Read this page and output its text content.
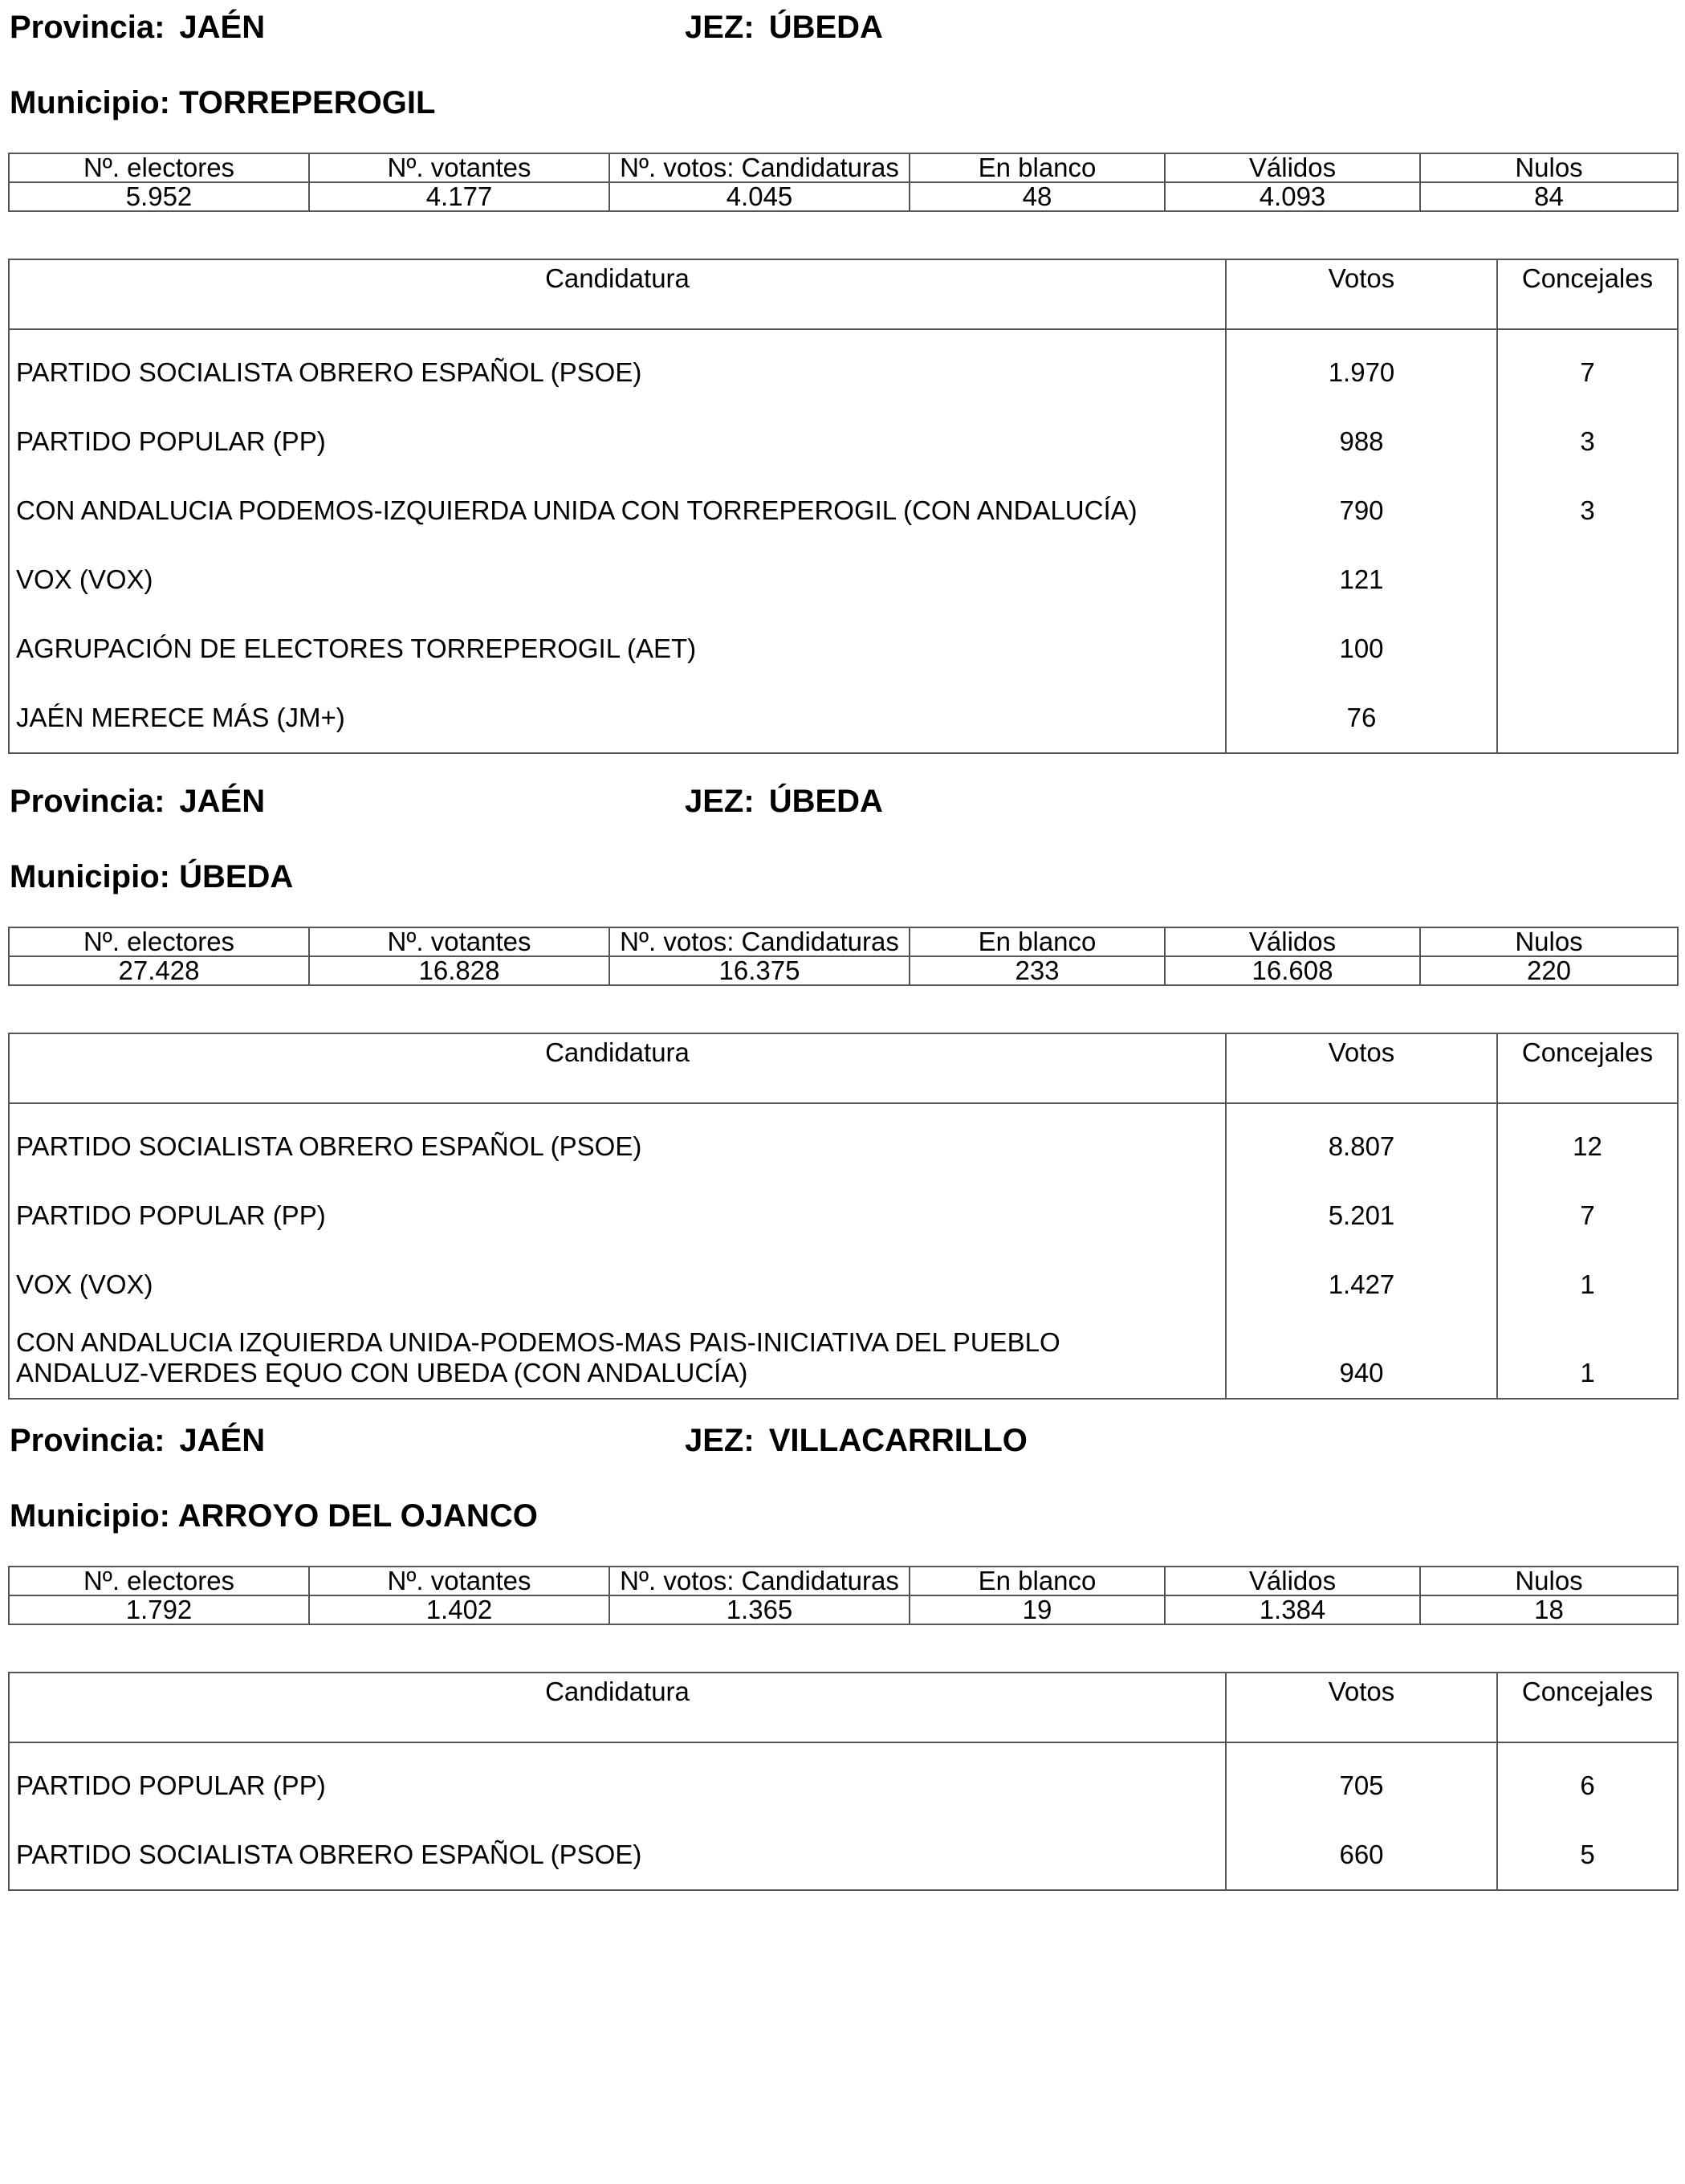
Provincia: JAÉN	JEZ: ÚBEDA
Municipio: TORREPEROGIL
Nº. electores	Nº. votantes	Nº. votos: Candidaturas	En blanco	Válidos	Nulos
5.952	4.177	4.045	48	4.093	84
Candidatura	Votos	Concejales
PARTIDO SOCIALISTA OBRERO ESPAÑOL (PSOE)	1.970	7
PARTIDO POPULAR (PP)	988	3
CON ANDALUCIA PODEMOS-IZQUIERDA UNIDA CON TORREPEROGIL (CON ANDALUCÍA)	790	3
VOX (VOX)	121	
AGRUPACIÓN DE ELECTORES TORREPEROGIL (AET)	100	
JAÉN MERECE MÁS (JM+)	76	
Provincia: JAÉN	JEZ: ÚBEDA
Municipio: ÚBEDA
Nº. electores	Nº. votantes	Nº. votos: Candidaturas	En blanco	Válidos	Nulos
27.428	16.828	16.375	233	16.608	220
Candidatura	Votos	Concejales
PARTIDO SOCIALISTA OBRERO ESPAÑOL (PSOE)	8.807	12
PARTIDO POPULAR (PP)	5.201	7
VOX (VOX)	1.427	1

CON ANDALUCIA IZQUIERDA UNIDA-PODEMOS-MAS PAIS-INICIATIVA DEL PUEBLO
ANDALUZ-VERDES EQUO CON UBEDA (CON ANDALUCÍA)	940	1
Provincia: JAÉN	JEZ: VILLACARRILLO
Municipio: ARROYO DEL OJANCO
Nº. electores	Nº. votantes	Nº. votos: Candidaturas	En blanco	Válidos	Nulos
1.792	1.402	1.365	19	1.384	18
Candidatura	Votos	Concejales
PARTIDO POPULAR (PP)	705	6
PARTIDO SOCIALISTA OBRERO ESPAÑOL (PSOE)	660	5
